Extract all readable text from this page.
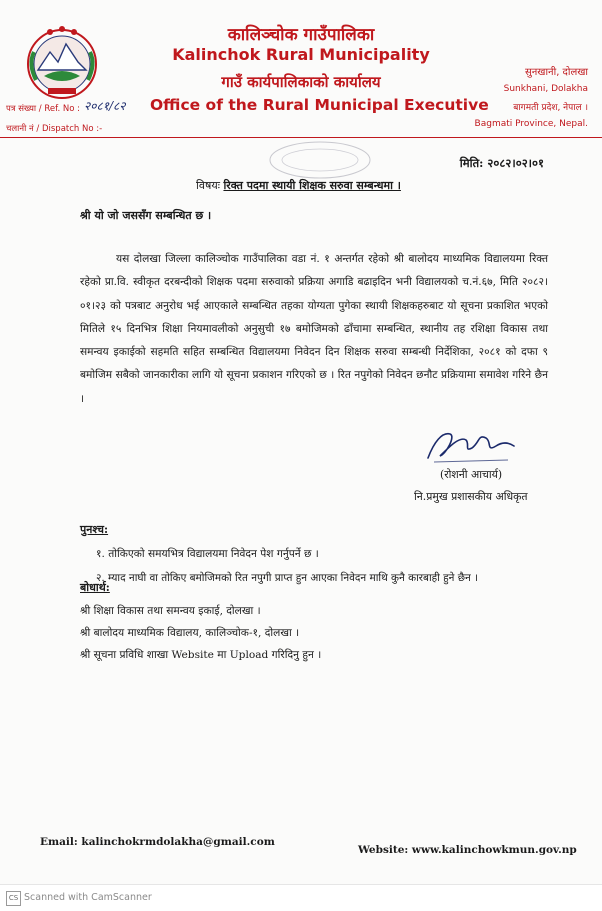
कालिञ्चोक गाउँपालिका
Kalinchok Rural Municipality
गाउँ कार्यपालिकाको कार्यालय
Office of the Rural Municipal Executive
सुनखानी, दोलखा
Sunkhani, Dolakha
बागमती प्रदेश, नेपाल ।
Bagmati Province, Nepal.
पत्र संख्या / Ref. No : २०८१/८२
चलानी नं / Dispatch No :-
मिति: २०८२।०२।०१
विषयः रिक्त पदमा स्थायी शिक्षक सरुवा सम्बन्धमा ।
श्री यो जो जससँग सम्बन्धित छ ।
यस दोलखा जिल्ला कालिञ्चोक गाउँपालिका वडा नं. १ अन्तर्गत रहेको श्री बालोदय माध्यमिक विद्यालयमा रिक्त रहेको प्रा.वि. स्वीकृत दरबन्दीको शिक्षक पदमा सरुवाको प्रक्रिया अगाडि बढाइदिन भनी विद्यालयको च.नं.६७, मिति २०८२।०१।२३ को पत्रबाट अनुरोध भई आएकाले सम्बन्धित तहका योग्यता पुगेका स्थायी शिक्षकहरुबाट यो सूचना प्रकाशित भएको मितिले १५ दिनभित्र शिक्षा नियमावलीको अनुसुची १७ बमोजिमको ढाँचामा सम्बन्धित, स्थानीय तह रशिक्षा विकास तथा समन्वय इकाईको सहमति सहित सम्बन्धित विद्यालयमा निवेदन दिन शिक्षक सरुवा सम्बन्धी निर्देशिका, २०८१ को दफा ९ बमोजिम सबैको जानकारीका लागि यो सूचना प्रकाशन गरिएको छ । रित नपुगेको निवेदन छनौट प्रक्रियामा समावेश गरिने छैन ।
(रोशनी आचार्य)
नि.प्रमुख प्रशासकीय अधिकृत
पुनश्च:
१. तोकिएको समयभित्र विद्यालयमा निवेदन पेश गर्नुपर्ने छ ।
२. म्याद नाघी वा तोकिए बमोजिमको रित नपुगी प्राप्त हुन आएका निवेदन माथि कुनै कारबाही हुने छैन ।
बोधार्थ:
श्री शिक्षा विकास तथा समन्वय इकाई, दोलखा ।
श्री बालोदय माध्यमिक विद्यालय, कालिञ्चोक-१, दोलखा ।
श्री सूचना प्रविधि शाखा Website मा Upload गरिदिनु हुन ।
Email: kalinchokrmdolakha@gmail.com
Website: www.kalinchowkmun.gov.np
CS Scanned with CamScanner
